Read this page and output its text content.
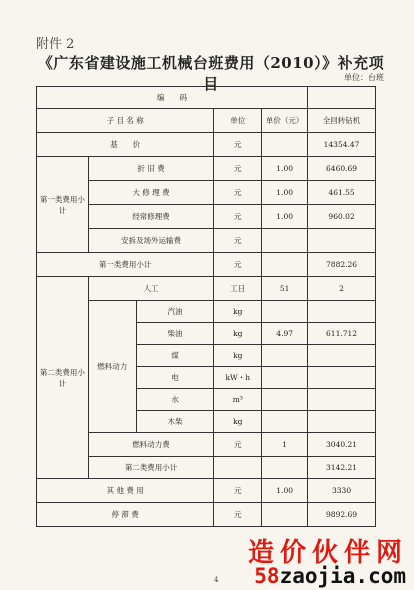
附件 2
《广东省建设施工机械台班费用（2010）》补充项目	单位：台班
编　　码					
子 目 名 称			单位	单价（元）	全回转钻机
基　　价			元		14354.47
第一类费用小计	折 旧 费		元	1.00	6460.69
	大 修 理 费		元	1.00	461.55
	经常修理费		元	1.00	960.02
	安拆及场外运输费		元		
第一类费用小计			元		7882.26
第二类费用小计	人工		工日	51	2
	燃料动力	汽油	kg		
		柴油	kg	4.97	611.712
		煤	kg		
		电	kW・h		
		水	m³		
		木柴	kg		
	燃料动力费		元	1	3040.21
	第二类费用小计				3142.21
其 他 费 用			元	1.00	3330
停 滞 费			元		9892.69
4
造价伙伴网
58zaojia.com
